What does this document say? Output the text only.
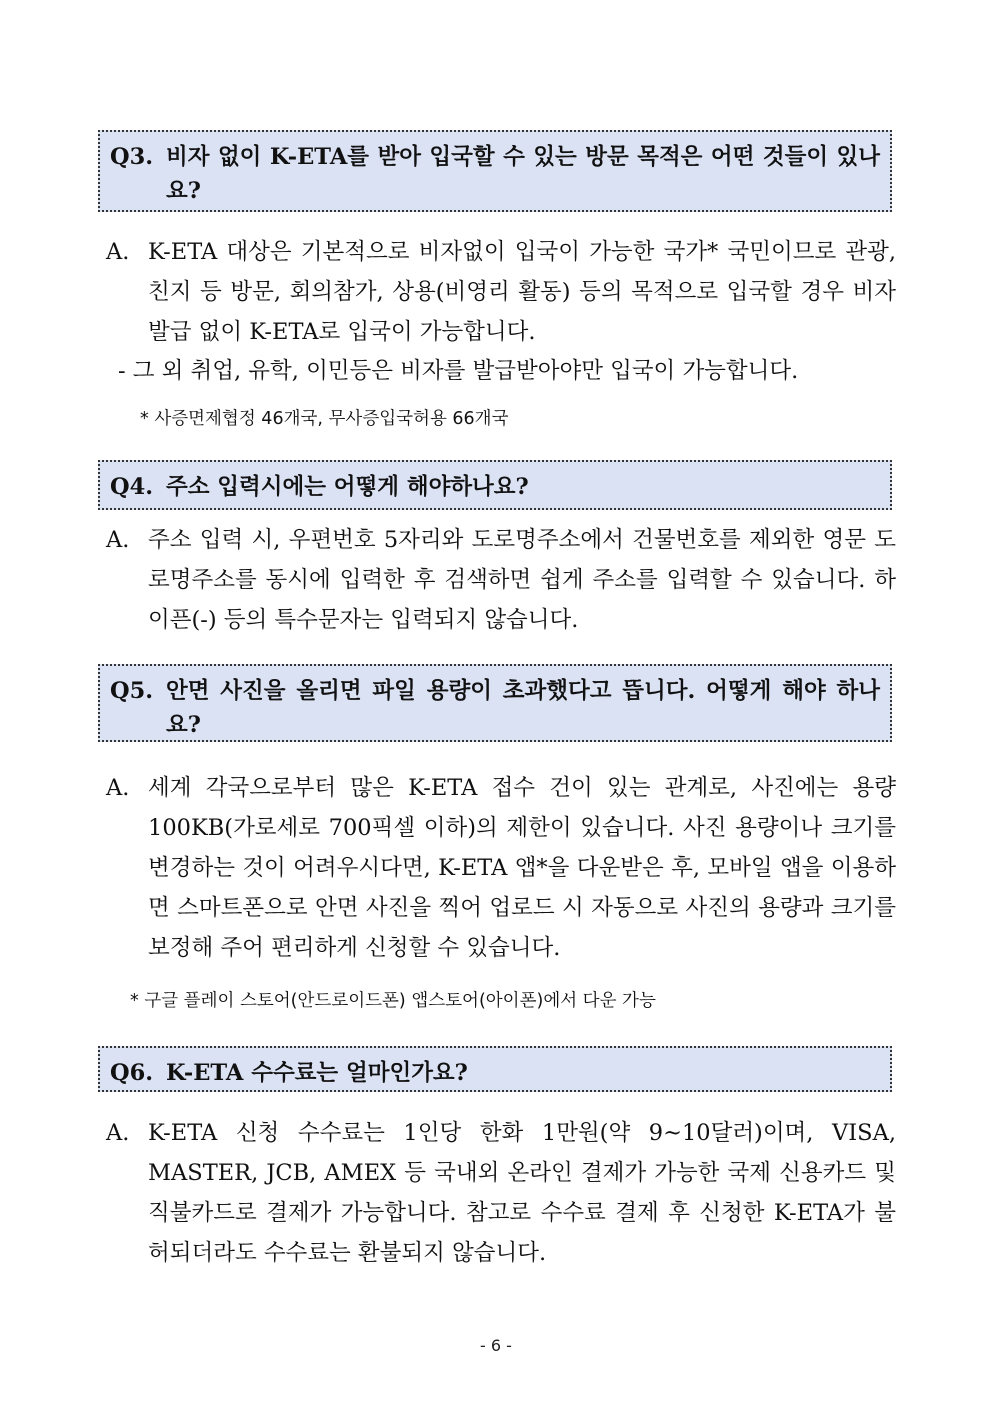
Q3. 비자 없이 K-ETA를 받아 입국할 수 있는 방문 목적은 어떤 것들이 있나요?
A. K-ETA 대상은 기본적으로 비자없이 입국이 가능한 국가* 국민이므로 관광, 친지 등 방문, 회의참가, 상용(비영리 활동) 등의 목적으로 입국할 경우 비자 발급 없이 K-ETA로 입국이 가능합니다.
- 그 외 취업, 유학, 이민등은 비자를 발급받아야만 입국이 가능합니다.
* 사증면제협정 46개국, 무사증입국허용 66개국
Q4. 주소 입력시에는 어떻게 해야하나요?
A. 주소 입력 시, 우편번호 5자리와 도로명주소에서 건물번호를 제외한 영문 도로명주소를 동시에 입력한 후 검색하면 쉽게 주소를 입력할 수 있습니다. 하이픈(-) 등의 특수문자는 입력되지 않습니다.
Q5. 안면 사진을 올리면 파일 용량이 초과했다고 뜹니다. 어떻게 해야 하나요?
A. 세계 각국으로부터 많은 K-ETA 접수 건이 있는 관계로, 사진에는 용량 100KB(가로세로 700픽셀 이하)의 제한이 있습니다. 사진 용량이나 크기를 변경하는 것이 어려우시다면, K-ETA 앱*을 다운받은 후, 모바일 앱을 이용하면 스마트폰으로 안면 사진을 찍어 업로드 시 자동으로 사진의 용량과 크기를 보정해 주어 편리하게 신청할 수 있습니다.
* 구글 플레이 스토어(안드로이드폰) 앱스토어(아이폰)에서 다운 가능
Q6. K-ETA 수수료는 얼마인가요?
A. K-ETA 신청 수수료는 1인당 한화 1만원(약 9~10달러)이며, VISA, MASTER, JCB, AMEX 등 국내외 온라인 결제가 가능한 국제 신용카드 및 직불카드로 결제가 가능합니다. 참고로 수수료 결제 후 신청한 K-ETA가 불허되더라도 수수료는 환불되지 않습니다.
- 6 -
